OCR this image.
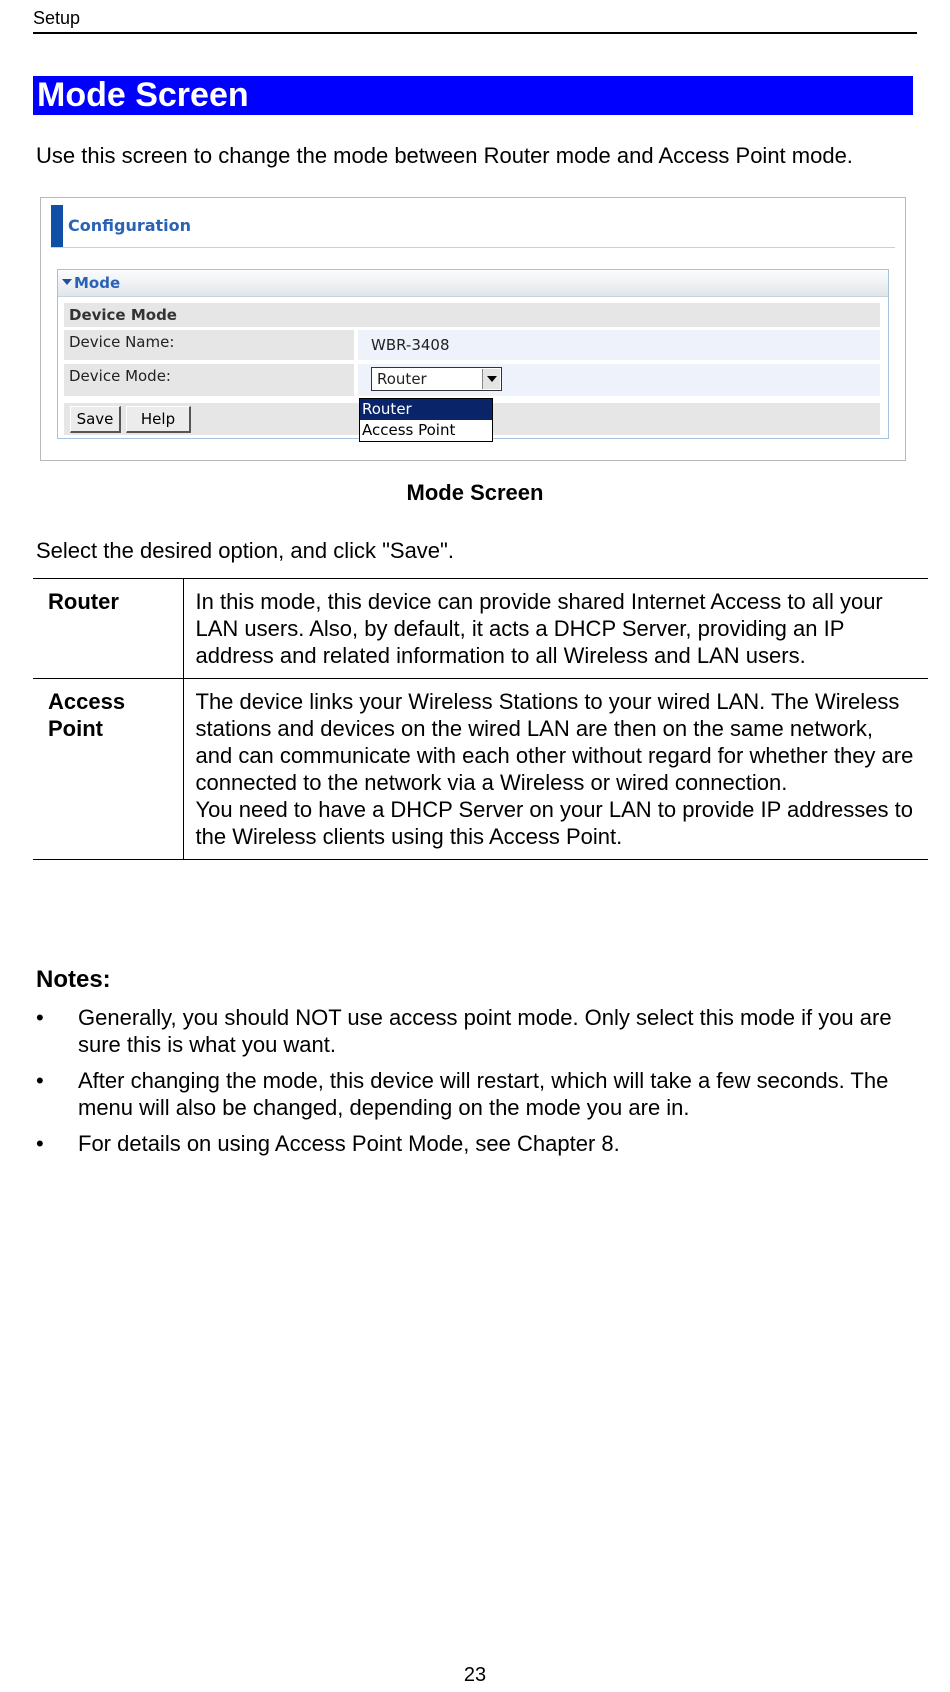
Setup
Mode Screen
Use this screen to change the mode between Router mode and Access Point mode.
Configuration
Mode
Device Mode
Device Name:	WBR-3408
Device Mode:	Router
Save	Help
Router
Access Point
Mode Screen
Select the desired option, and click "Save".
Router	In this mode, this device can provide shared Internet Access to all your LAN users. Also, by default, it acts a DHCP Server, providing an IP address and related information to all Wireless and LAN users.

Access Point	The device links your Wireless Stations to your wired LAN. The Wireless stations and devices on the wired LAN are then on the same network, and can communicate with each other without regard for whether they are connected to the network via a Wireless or wired connection.

You need to have a DHCP Server on your LAN to provide IP addresses to the Wireless clients using this Access Point.

Notes:
• Generally, you should NOT use access point mode. Only select this mode if you are sure this is what you want.
• After changing the mode, this device will restart, which will take a few seconds. The menu will also be changed, depending on the mode you are in.
• For details on using Access Point Mode, see Chapter 8.
23
